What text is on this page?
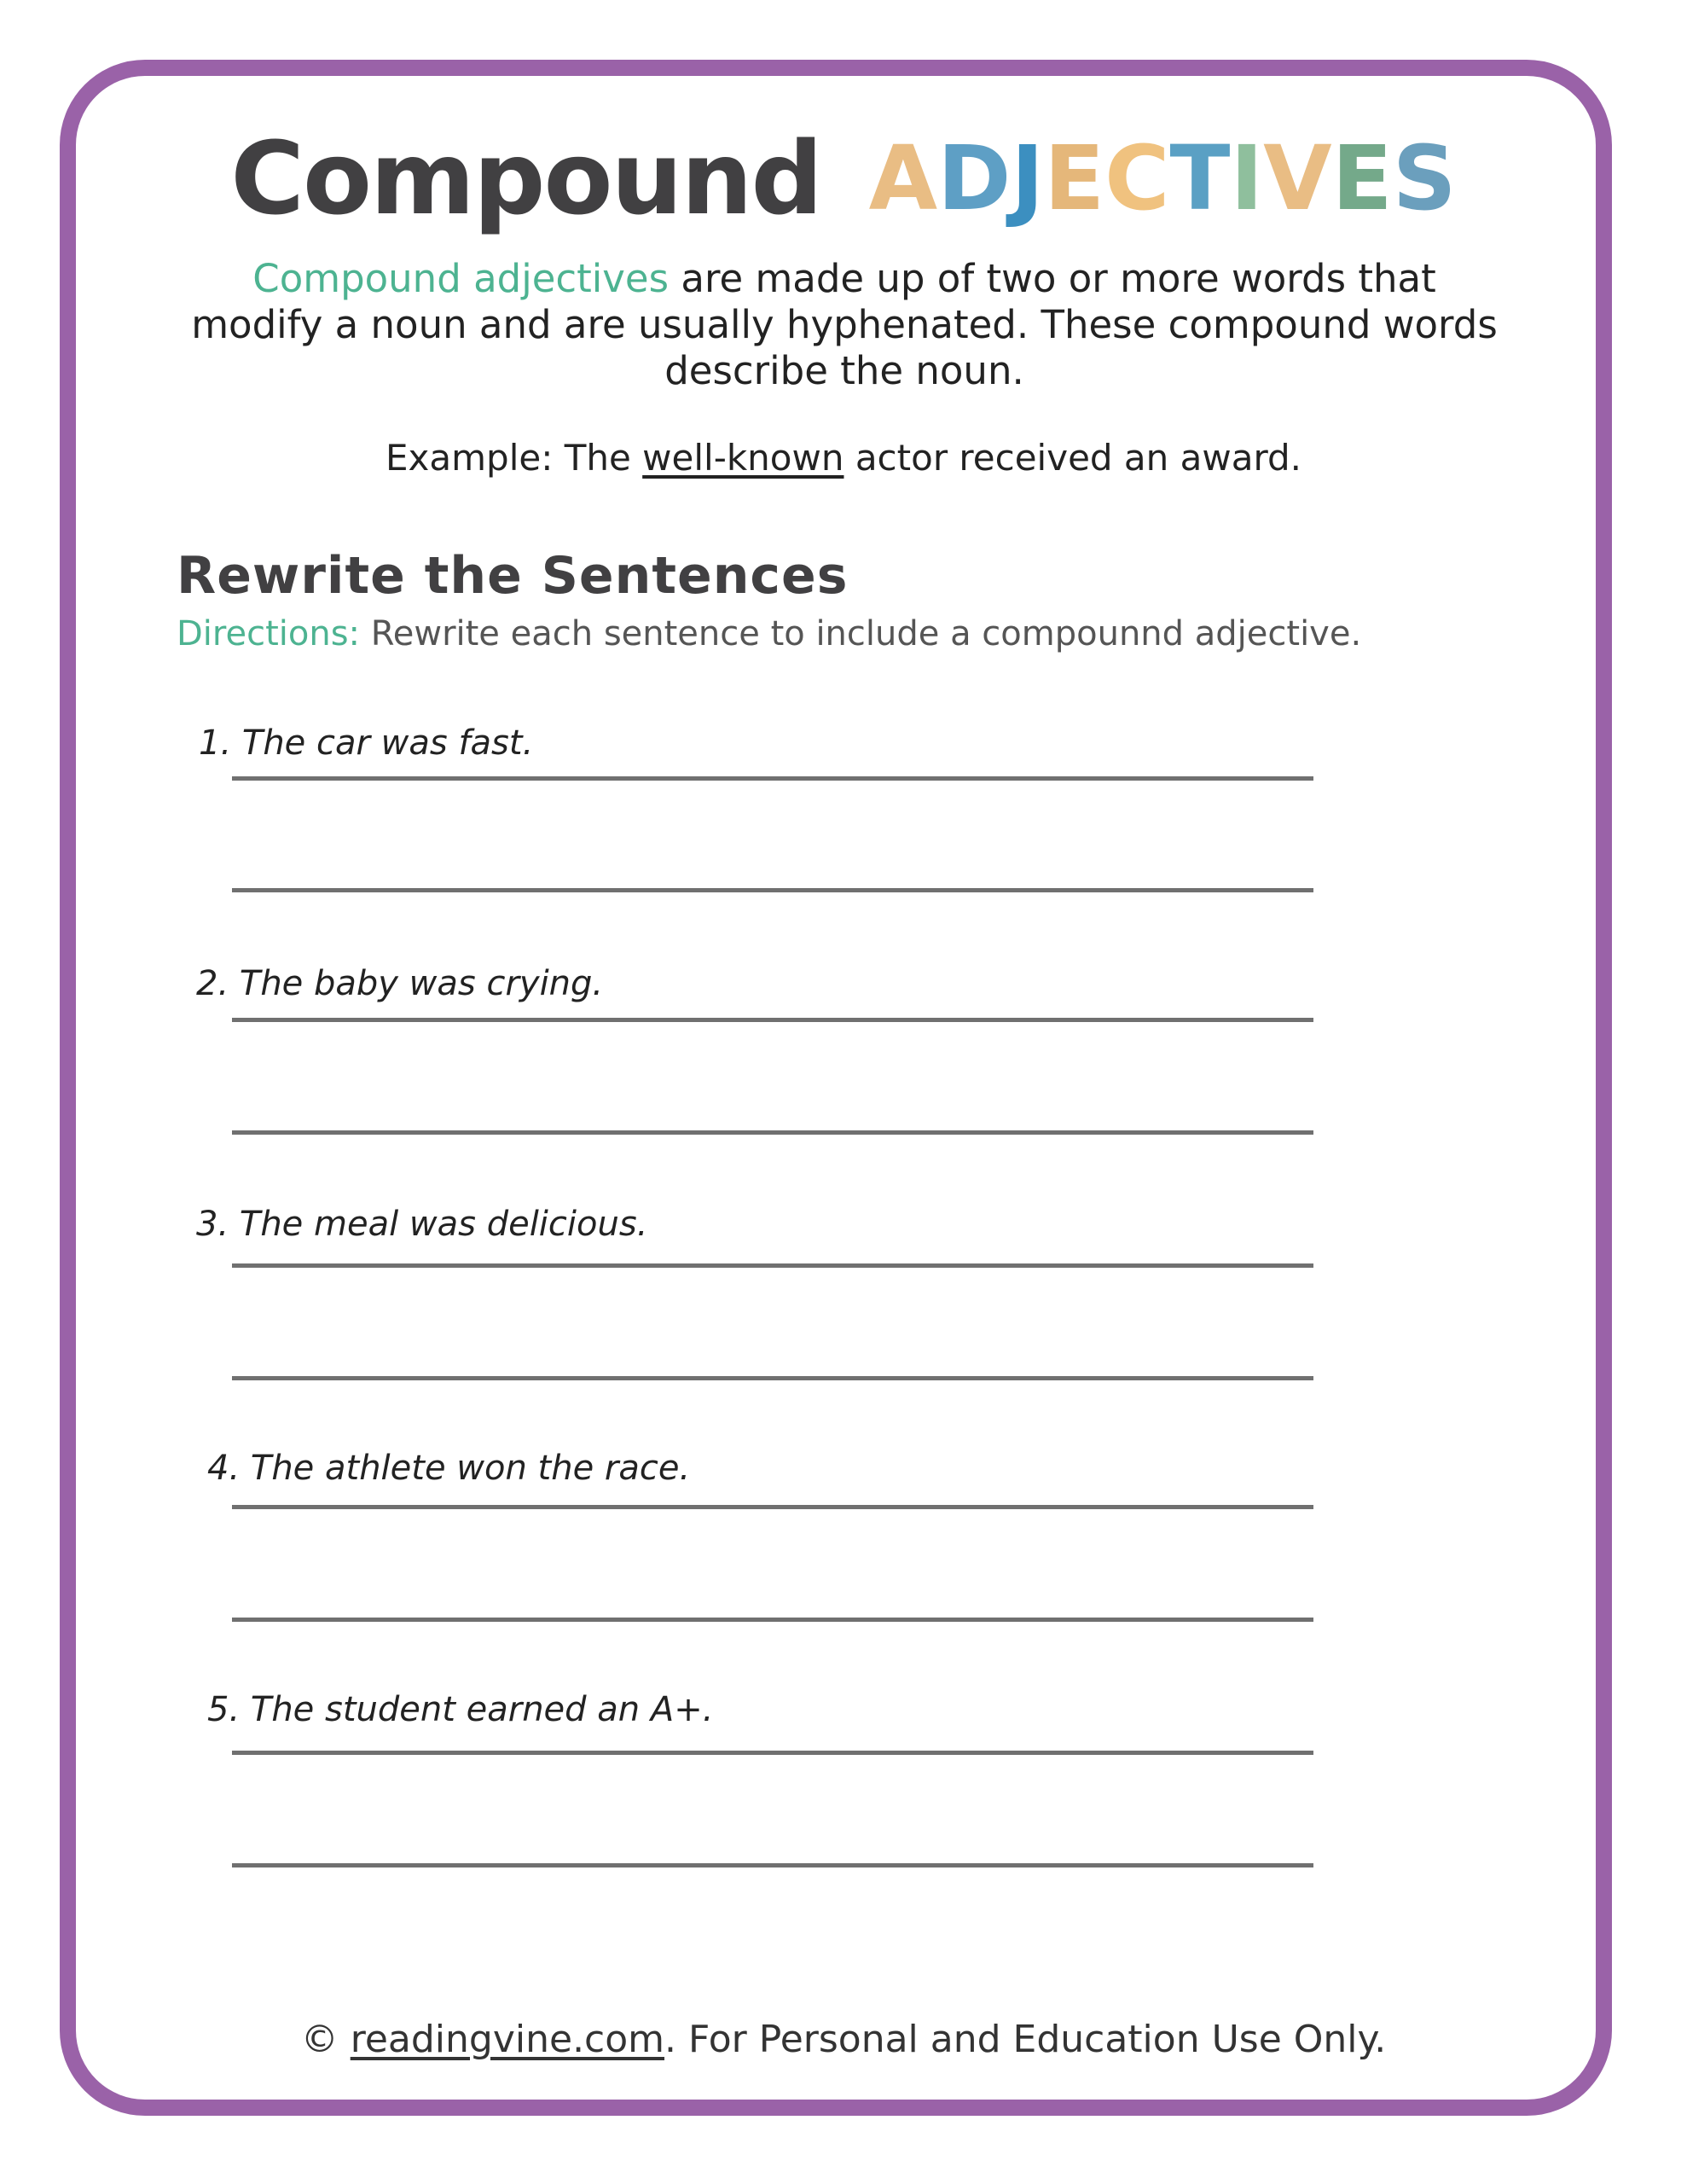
Compound ADJECTIVES
Compound adjectives are made up of two or more words that modify a noun and are usually hyphenated. These compound words describe the noun.
Example: The well-known actor received an award.
Rewrite the Sentences
Directions: Rewrite each sentence to include a compounnd adjective.
1. The car was fast.
2. The baby was crying.
3. The meal was delicious.
4. The athlete won the race.
5. The student earned an A+.
© readingvine.com. For Personal and Education Use Only.
